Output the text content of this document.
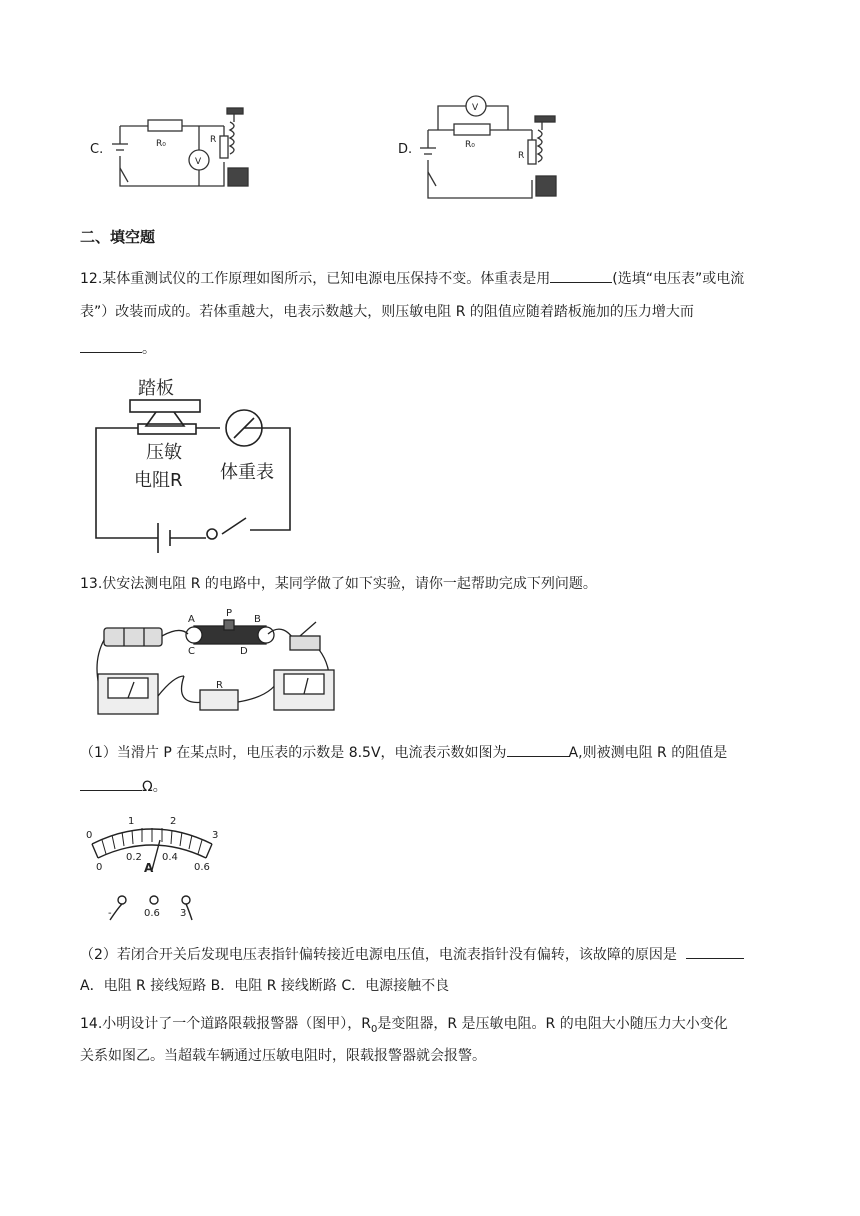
C.	R₀	R
V
D.
V
R₀
R
二、填空题
12.某体重测试仪的工作原理如图所示，已知电源电压保持不变。体重表是用	(选填“电压表”或电流
表”）改装而成的。若体重越大，电表示数越大，则压敏电阻 R 的阻值应随着踏板施加的压力增大而
。
踏板
压敏
电阻R 体重表
13.伏安法测电阻 R 的电路中，某同学做了如下实验，请你一起帮助完成下列问题。
A
P
B
C	D
R
（1）当滑片 P 在某点时，电压表的示数是 8.5V，电流表示数如图为	A,则被测电阻 R 的阻值是
Ω。
0
1	2
3
0
0.2 0.4
0.6
A
-	0.6 3
（2）若闭合开关后发现电压表指针偏转接近电源电压值，电流表指针没有偏转，该故障的原因是
A．电阻 R 接线短路 B．电阻 R 接线断路 C．电源接触不良
14.小明设计了一个道路限载报警器（图甲），$R_0$是变阻器，R 是压敏电阻。R 的电阻大小随压力大小变化
关系如图乙。当超载车辆通过压敏电阻时，限载报警器就会报警。
